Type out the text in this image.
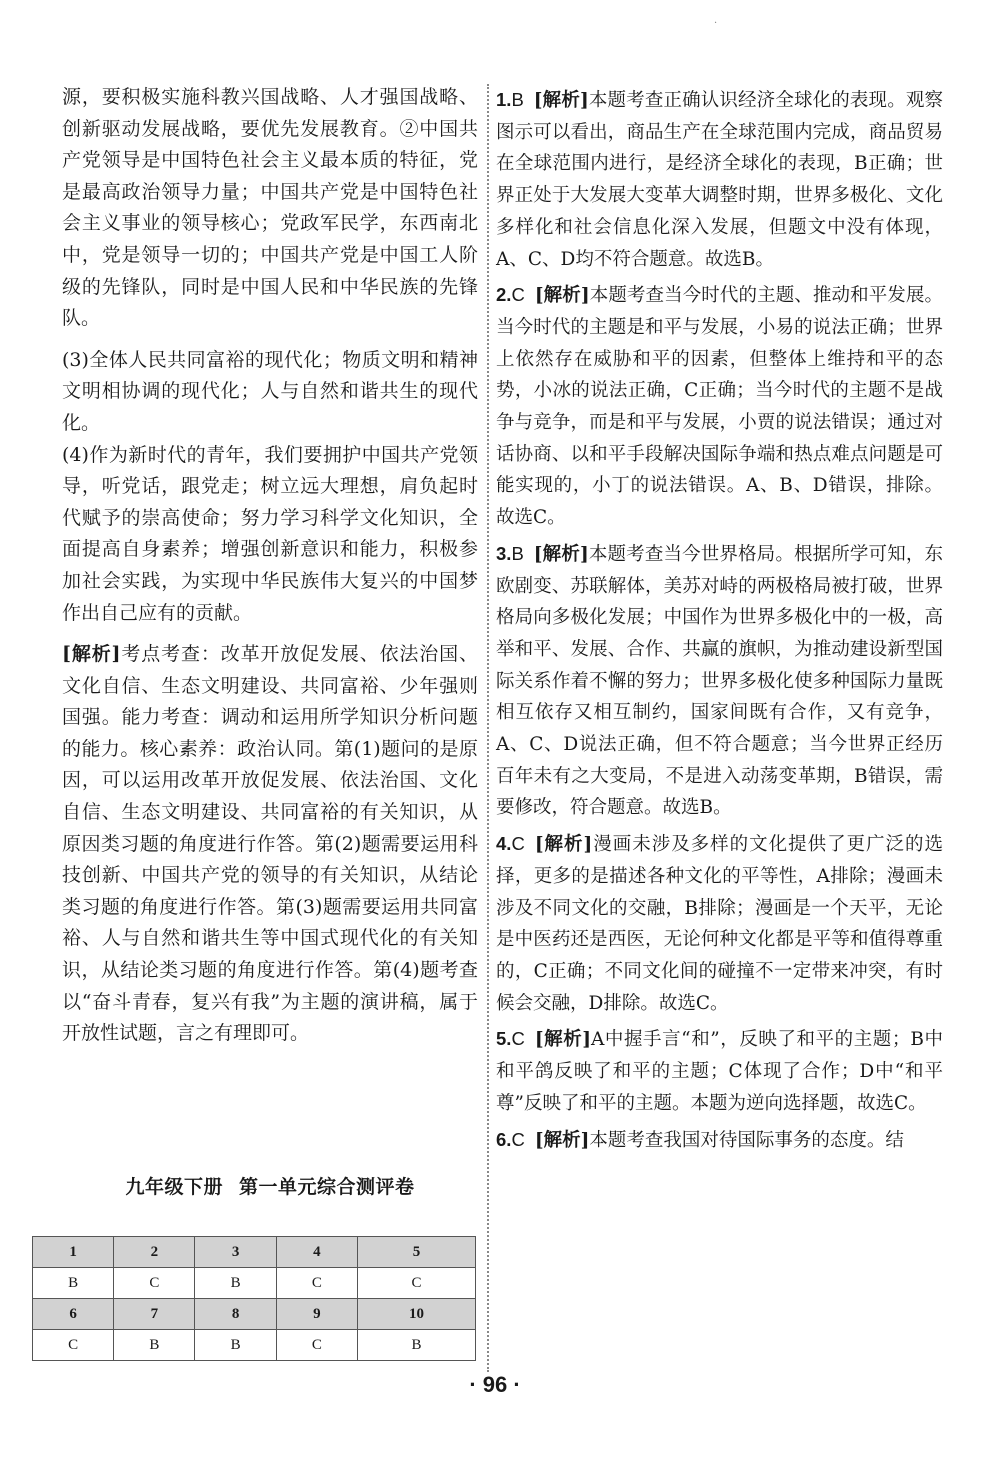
·

源，要积极实施科教兴国战略、人才强国战略、创新驱动发展战略，要优先发展教育。②中国共产党领导是中国特色社会主义最本质的特征，党是最高政治领导力量；中国共产党是中国特色社会主义事业的领导核心；党政军民学，东西南北中，党是领导一切的；中国共产党是中国工人阶级的先锋队，同时是中国人民和中华民族的先锋队。

(3)全体人民共同富裕的现代化；物质文明和精神文明相协调的现代化；人与自然和谐共生的现代化。

(4)作为新时代的青年，我们要拥护中国共产党领导，听党话，跟党走；树立远大理想，肩负起时代赋予的崇高使命；努力学习科学文化知识，全面提高自身素养；增强创新意识和能力，积极参加社会实践，为实现中华民族伟大复兴的中国梦作出自己应有的贡献。

[解析]考点考查：改革开放促发展、依法治国、文化自信、生态文明建设、共同富裕、少年强则国强。能力考查：调动和运用所学知识分析问题的能力。核心素养：政治认同。第(1)题问的是原因，可以运用改革开放促发展、依法治国、文化自信、生态文明建设、共同富裕的有关知识，从原因类习题的角度进行作答。第(2)题需要运用科技创新、中国共产党的领导的有关知识，从结论类习题的角度进行作答。第(3)题需要运用共同富裕、人与自然和谐共生等中国式现代化的有关知识，从结论类习题的角度进行作答。第(4)题考查以“奋斗青春，复兴有我”为主题的演讲稿，属于开放性试题，言之有理即可。

九年级下册 第一单元综合测评卷
1	2	3	4	5
B	C	B	C	C
6	7	8	9	10
C	B	B	C	B

1.B [解析]本题考查正确认识经济全球化的表现。观察图示可以看出，商品生产在全球范围内完成，商品贸易在全球范围内进行，是经济全球化的表现，B正确；世界正处于大发展大变革大调整时期，世界多极化、文化多样化和社会信息化深入发展，但题文中没有体现，A、C、D均不符合题意。故选B。

2.C [解析]本题考查当今时代的主题、推动和平发展。当今时代的主题是和平与发展，小易的说法正确；世界上依然存在威胁和平的因素，但整体上维持和平的态势，小冰的说法正确，C正确；当今时代的主题不是战争与竞争，而是和平与发展，小贾的说法错误；通过对话协商、以和平手段解决国际争端和热点难点问题是可能实现的，小丁的说法错误。A、B、D错误，排除。故选C。

3.B [解析]本题考查当今世界格局。根据所学可知，东欧剧变、苏联解体，美苏对峙的两极格局被打破，世界格局向多极化发展；中国作为世界多极化中的一极，高举和平、发展、合作、共赢的旗帜，为推动建设新型国际关系作着不懈的努力；世界多极化使多种国际力量既相互依存又相互制约，国家间既有合作，又有竞争，A、C、D说法正确，但不符合题意；当今世界正经历百年未有之大变局，不是进入动荡变革期，B错误，需要修改，符合题意。故选B。

4.C [解析]漫画未涉及多样的文化提供了更广泛的选择，更多的是描述各种文化的平等性，A排除；漫画未涉及不同文化的交融，B排除；漫画是一个天平，无论是中医药还是西医，无论何种文化都是平等和值得尊重的，C正确；不同文化间的碰撞不一定带来冲突，有时候会交融，D排除。故选C。

5.C [解析]A中握手言“和”，反映了和平的主题；B中和平鸽反映了和平的主题；C体现了合作；D中“和平尊”反映了和平的主题。本题为逆向选择题，故选C。

6.C [解析]本题考查我国对待国际事务的态度。结

· 96 ·
